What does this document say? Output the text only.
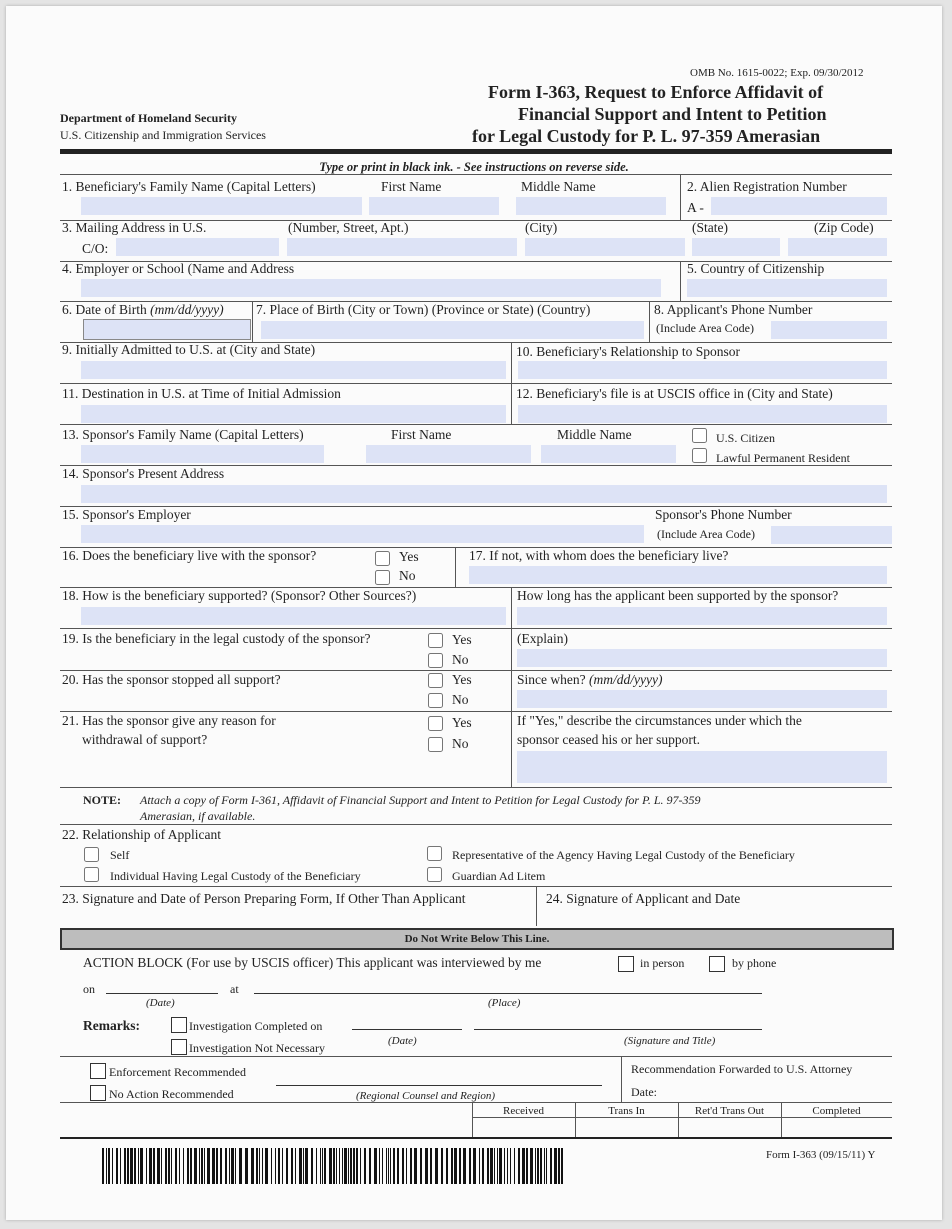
OMB No. 1615-0022; Exp. 09/30/2012
Form I-363, Request to Enforce Affidavit of
Financial Support and Intent to Petition
for Legal Custody for P. L. 97-359 Amerasian
Department of Homeland Security
U.S. Citizenship and Immigration Services
Type or print in black ink. - See instructions on reverse side.
1. Beneficiary's Family Name (Capital Letters)	First Name	Middle Name	2. Alien Registration Number
A -
3. Mailing Address in U.S.	(Number, Street, Apt.)	(City)	(State)	(Zip Code)
C/O:
4. Employer or School (Name and Address	5. Country of Citizenship
6. Date of Birth (mm/dd/yyyy) 7. Place of Birth (City or Town) (Province or State) (Country)	8. Applicant's Phone Number
(Include Area Code)
9. Initially Admitted to U.S. at (City and State)	10. Beneficiary's Relationship to Sponsor
11. Destination in U.S. at Time of Initial Admission	12. Beneficiary's file is at USCIS office in (City and State)
13. Sponsor's Family Name (Capital Letters)	First Name	Middle Name	U.S. Citizen
Lawful Permanent Resident
14. Sponsor's Present Address
15. Sponsor's Employer	Sponsor's Phone Number
(Include Area Code)
16. Does the beneficiary live with the sponsor?	Yes
No
17. If not, with whom does the beneficiary live?
18. How is the beneficiary supported? (Sponsor? Other Sources?)	How long has the applicant been supported by the sponsor?
19. Is the beneficiary in the legal custody of the sponsor?	Yes
No
(Explain)
20. Has the sponsor stopped all support?	Yes
No
Since when? (mm/dd/yyyy)
21. Has the sponsor give any reason for
withdrawal of support?
Yes
No
If "Yes," describe the circumstances under which the
sponsor ceased his or her support.
NOTE: Attach a copy of Form I-361, Affidavit of Financial Support and Intent to Petition for Legal Custody for P. L. 97-359
Amerasian, if available.
22. Relationship of Applicant
Self
Individual Having Legal Custody of the Beneficiary
Representative of the Agency Having Legal Custody of the Beneficiary
Guardian Ad Litem
23. Signature and Date of Person Preparing Form, If Other Than Applicant	24. Signature of Applicant and Date
Do Not Write Below This Line.
ACTION BLOCK (For use by USCIS officer) This applicant was interviewed by me	in person	by phone
on	at
(Date)	(Place)
Remarks:	Investigation Completed on
Investigation Not Necessary	(Date)	(Signature and Title)
Enforcement Recommended
No Action Recommended	(Regional Counsel and Region)
Recommendation Forwarded to U.S. Attorney
Date:
Received	Trans In	Ret'd Trans Out	Completed
Form I-363 (09/15/11) Y
